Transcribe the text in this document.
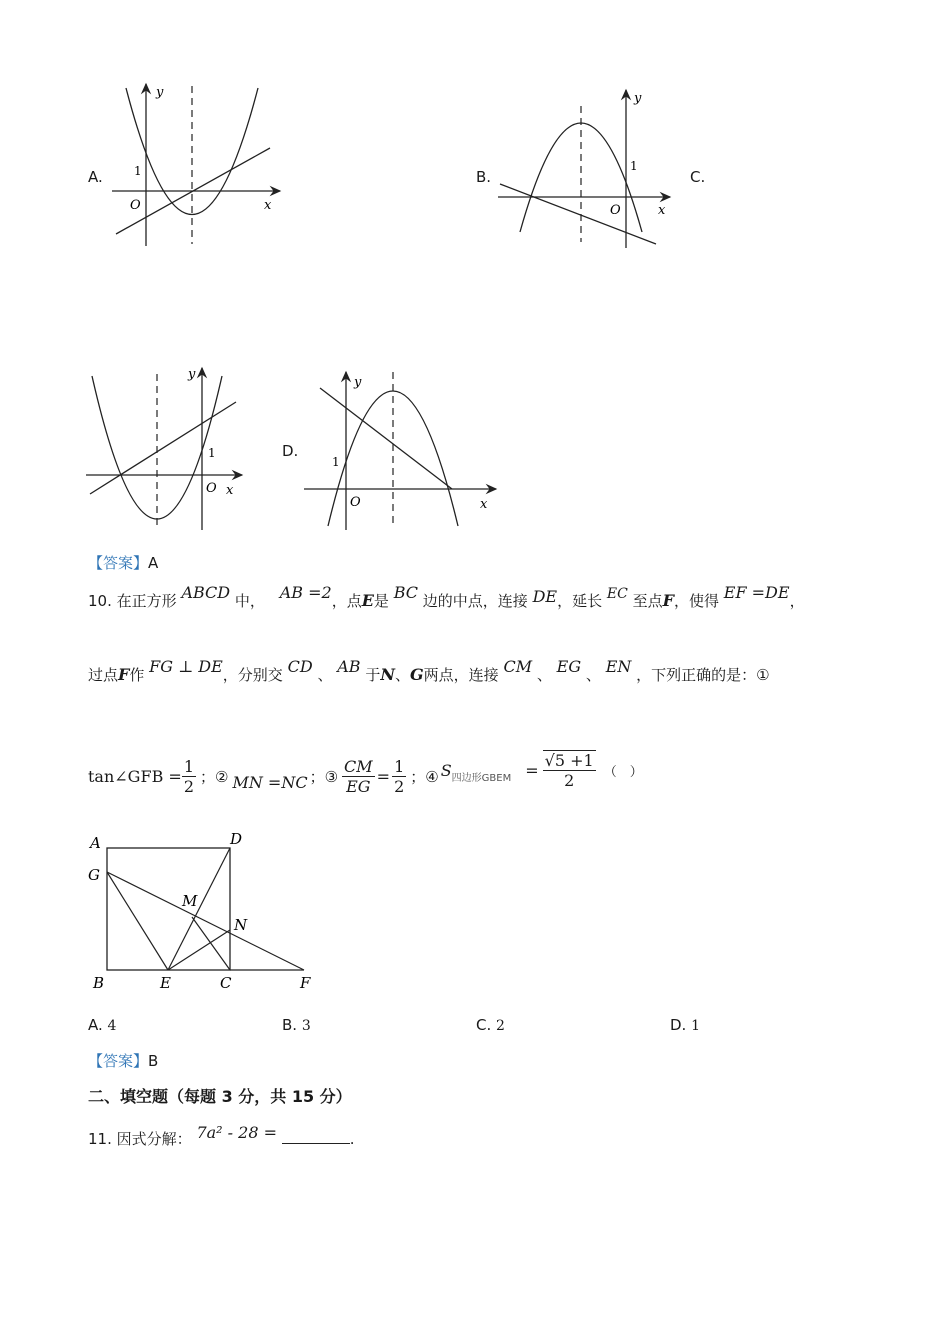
A.	B.	C.
D.
y
x
O
1
y
x
O
1
y
x
O
1
y
x
O
1
【答案】A
10. 在正方形 ABCD 中， AB =2，点E是 BC 边的中点，连接 DE，延长 EC 至点F，使得 EF =DE，
过点F作 FG ⊥ DE，分别交 CD 、 AB 于N、G两点，连接 CM 、 EG 、 EN ，下列正确的是：①
tan∠GFB = $\frac{1}{2}$ ；② MN =NC ；③ $\frac{CM}{EG} = \frac{1}{2}$ ；④ S 四边形GBEM = $\frac{√5 +1}{2}$ （　）
A	D
G
M
N
B	E	C	F
A. 4	B. 3	C. 2	D. 1
【答案】B
二、填空题（每题 3 分，共 15 分）
11. 因式分解： 7a² - 28 =	.
